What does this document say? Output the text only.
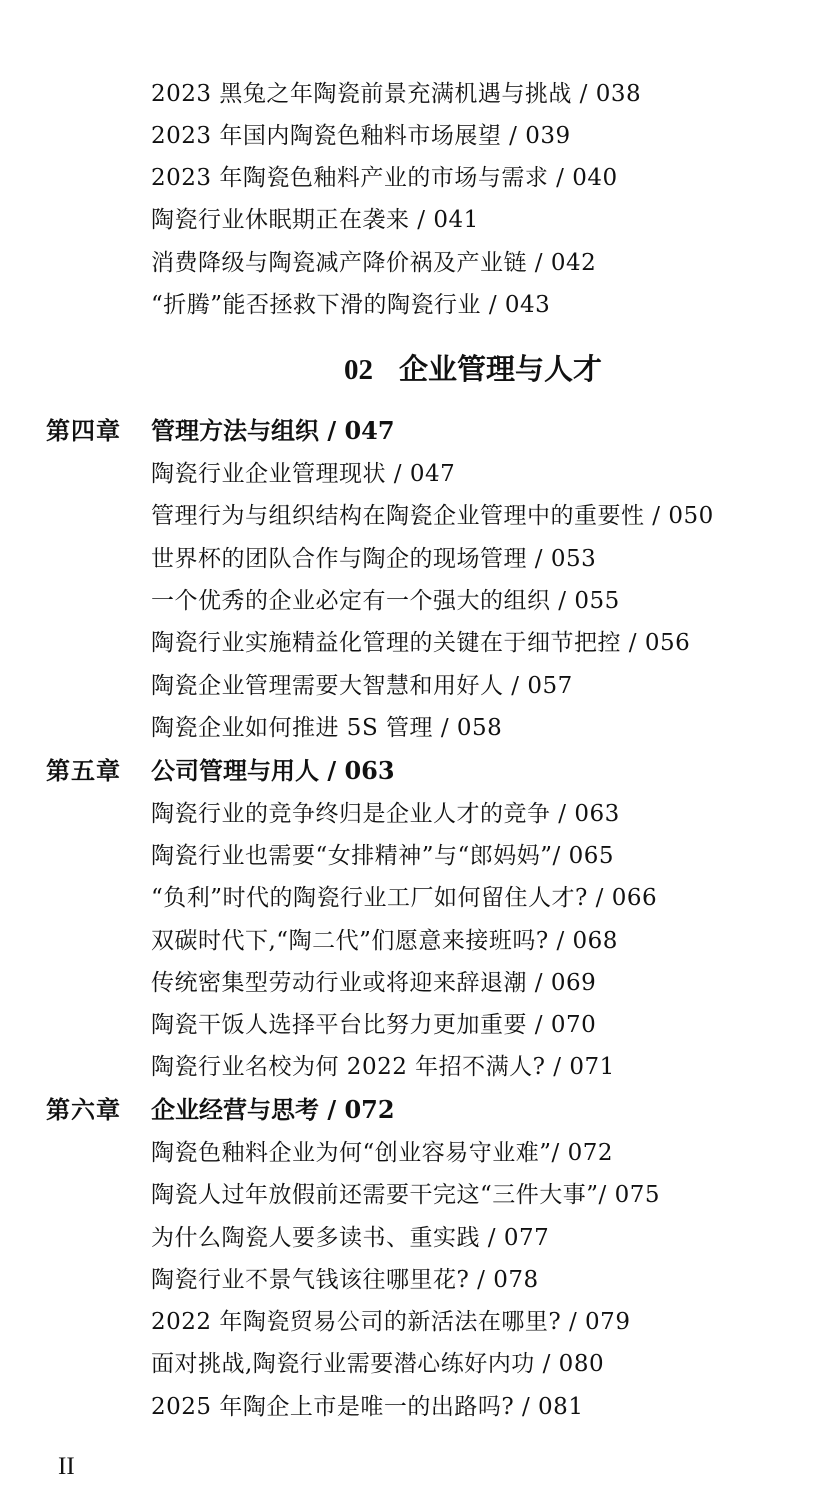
2023 黑兔之年陶瓷前景充满机遇与挑战 / 038
2023 年国内陶瓷色釉料市场展望 / 039
2023 年陶瓷色釉料产业的市场与需求 / 040
陶瓷行业休眠期正在袭来 / 041
消费降级与陶瓷减产降价祸及产业链 / 042
“折腾”能否拯救下滑的陶瓷行业 / 043
02 企业管理与人才
第四章 管理方法与组织 / 047
陶瓷行业企业管理现状 / 047
管理行为与组织结构在陶瓷企业管理中的重要性 / 050
世界杯的团队合作与陶企的现场管理 / 053
一个优秀的企业必定有一个强大的组织 / 055
陶瓷行业实施精益化管理的关键在于细节把控 / 056
陶瓷企业管理需要大智慧和用好人 / 057
陶瓷企业如何推进 5S 管理 / 058
第五章 公司管理与用人 / 063
陶瓷行业的竞争终归是企业人才的竞争 / 063
陶瓷行业也需要“女排精神”与“郎妈妈”/ 065
“负利”时代的陶瓷行业工厂如何留住人才? / 066
双碳时代下,“陶二代”们愿意来接班吗? / 068
传统密集型劳动行业或将迎来辞退潮 / 069
陶瓷干饭人选择平台比努力更加重要 / 070
陶瓷行业名校为何 2022 年招不满人? / 071
第六章 企业经营与思考 / 072
陶瓷色釉料企业为何“创业容易守业难”/ 072
陶瓷人过年放假前还需要干完这“三件大事”/ 075
为什么陶瓷人要多读书、重实践 / 077
陶瓷行业不景气钱该往哪里花? / 078
2022 年陶瓷贸易公司的新活法在哪里? / 079
面对挑战,陶瓷行业需要潜心练好内功 / 080
2025 年陶企上市是唯一的出路吗? / 081
II
